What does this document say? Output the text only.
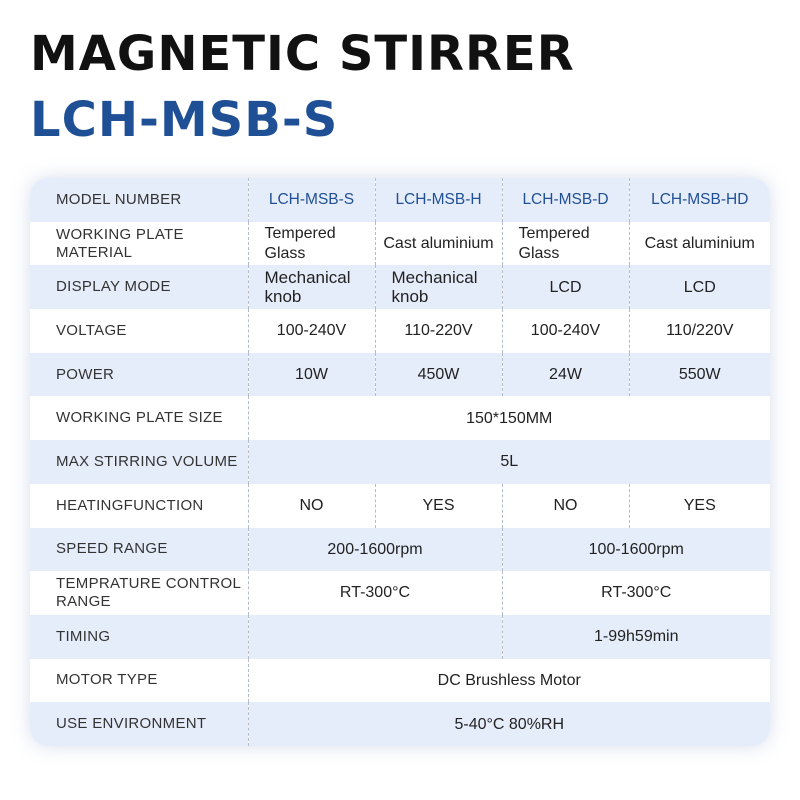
MAGNETIC STIRRER
LCH-MSB-S
MODEL NUMBER	LCH-MSB-S	LCH-MSB-H	LCH-MSB-D	LCH-MSB-HD
WORKING PLATE MATERIAL	Tempered Glass	Cast aluminium	Tempered Glass	Cast aluminium
DISPLAY MODE	Mechanical knob	Mechanical knob	LCD	LCD
VOLTAGE	100-240V	110-220V	100-240V	110/220V
POWER	10W	450W	24W	550W
WORKING PLATE SIZE	150*150MM			
MAX STIRRING VOLUME	5L			
HEATINGFUNCTION	NO	YES	NO	YES
SPEED RANGE	200-1600rpm		100-1600rpm	
TEMPRATURE CONTROL RANGE	RT-300°C		RT-300°C	
TIMING			1-99h59min	
MOTOR TYPE	DC Brushless Motor			
USE ENVIRONMENT	5-40°C 80%RH			
